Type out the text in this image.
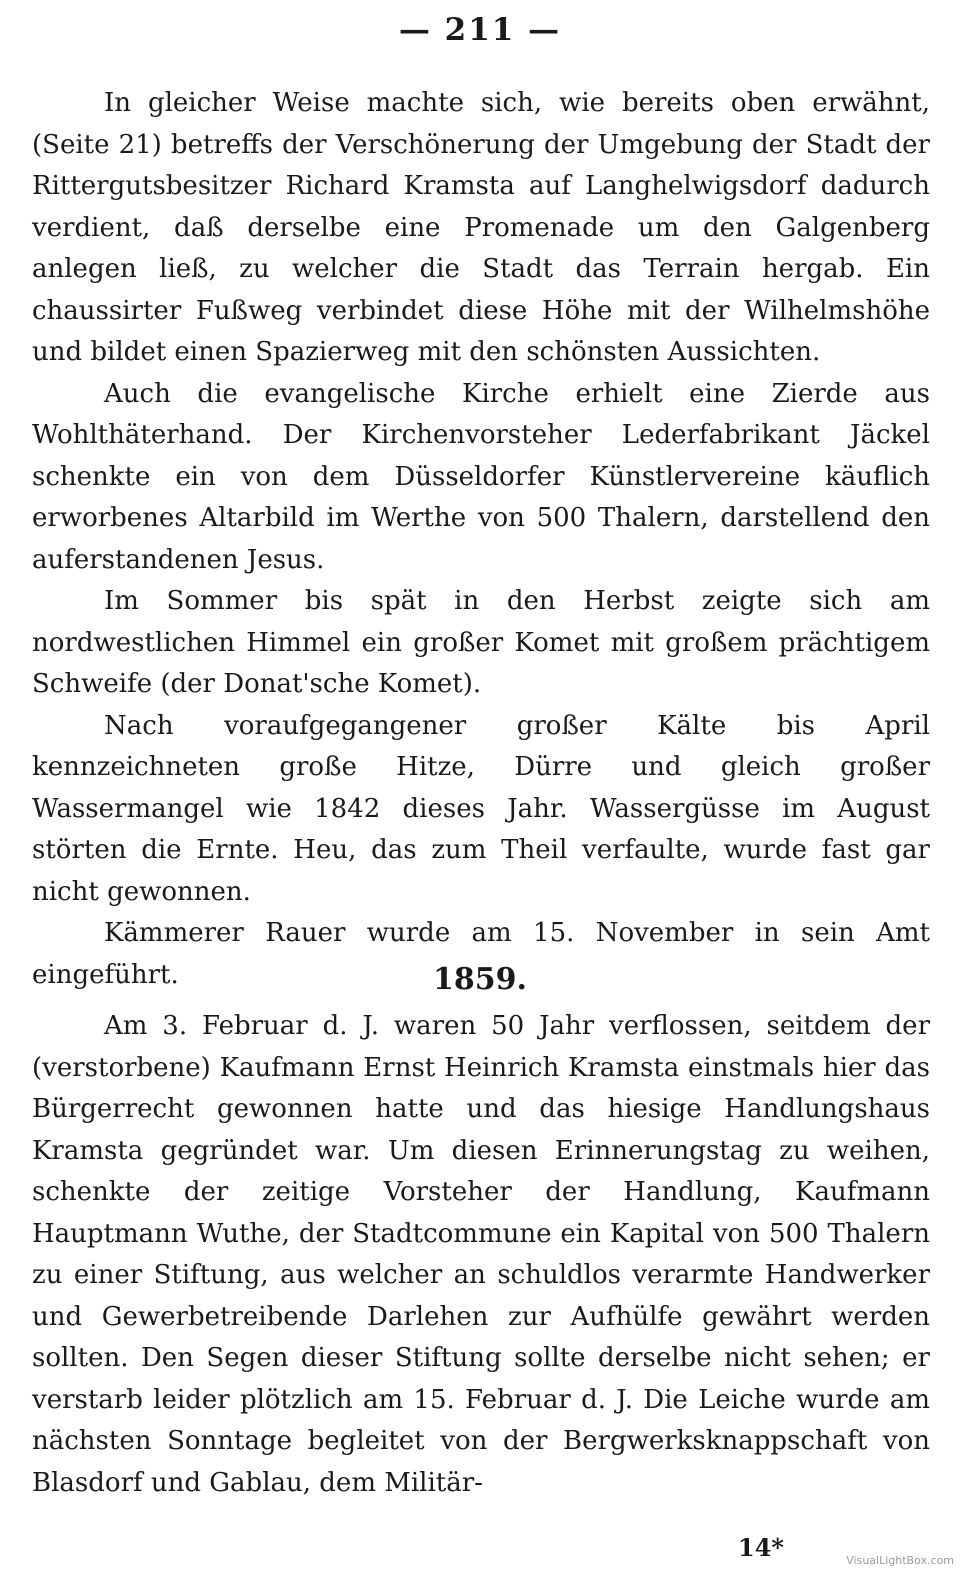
— 211 —

In gleicher Weise machte sich, wie bereits oben erwähnt, (Seite 21) betreffs der Verschönerung der Umgebung der Stadt der Rittergutsbesitzer Richard Kramsta auf Langhelwigsdorf dadurch verdient, daß derselbe eine Promenade um den Galgenberg anlegen ließ, zu welcher die Stadt das Terrain hergab. Ein chaussirter Fußweg verbindet diese Höhe mit der Wilhelmshöhe und bildet einen Spazierweg mit den schönsten Aussichten.

Auch die evangelische Kirche erhielt eine Zierde aus Wohlthäterhand. Der Kirchenvorsteher Lederfabrikant Jäckel schenkte ein von dem Düsseldorfer Künstlervereine käuflich erworbenes Altarbild im Werthe von 500 Thalern, darstellend den auferstandenen Jesus.

Im Sommer bis spät in den Herbst zeigte sich am nordwestlichen Himmel ein großer Komet mit großem prächtigem Schweife (der Donat'sche Komet).

Nach voraufgegangener großer Kälte bis April kennzeichneten große Hitze, Dürre und gleich großer Wassermangel wie 1842 dieses Jahr. Wassergüsse im August störten die Ernte. Heu, das zum Theil verfaulte, wurde fast gar nicht gewonnen.

Kämmerer Rauer wurde am 15. November in sein Amt eingeführt.	1859.

Am 3. Februar d. J. waren 50 Jahr verflossen, seitdem der (verstorbene) Kaufmann Ernst Heinrich Kramsta einstmals hier das Bürgerrecht gewonnen hatte und das hiesige Handlungshaus Kramsta gegründet war. Um diesen Erinnerungstag zu weihen, schenkte der zeitige Vorsteher der Handlung, Kaufmann Hauptmann Wuthe, der Stadtcommune ein Kapital von 500 Thalern zu einer Stiftung, aus welcher an schuldlos verarmte Handwerker und Gewerbetreibende Darlehen zur Aufhülfe gewährt werden sollten. Den Segen dieser Stiftung sollte derselbe nicht sehen; er verstarb leider plötzlich am 15. Februar d. J. Die Leiche wurde am nächsten Sonntage begleitet von der Bergwerksknappschaft von Blasdorf und Gablau, dem Militär-

14*	VisualLightBox.com
